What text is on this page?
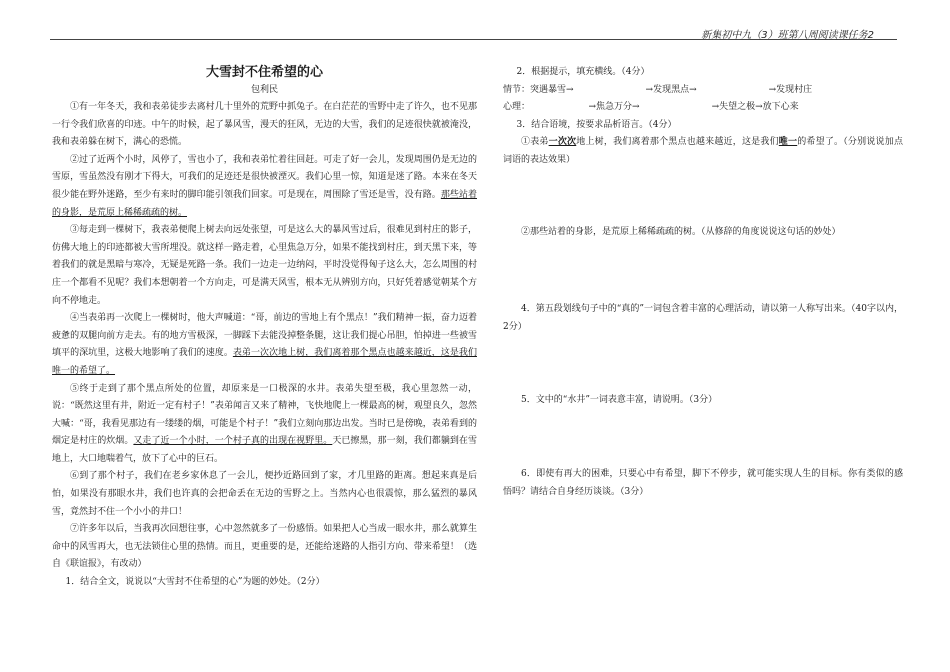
新集初中九（3）班第八周阅读课任务2
大雪封不住希望的心
包利民

①有一年冬天，我和表弟徒步去离村几十里外的荒野中抓兔子。在白茫茫的雪野中走了许久，也不见那一行令我们欣喜的印迹。中午的时候，起了暴风雪，漫天的狂风，无边的大雪，我们的足迹很快就被淹没，我和表弟躲在树下，满心的恐慌。

②过了近两个小时，风停了，雪也小了，我和表弟忙着往回赶。可走了好一会儿，发现周围仍是无边的雪原，雪虽然没有刚才下得大，可我们的足迹还是很快被湮灭。我们心里一惊，知道是迷了路。本来在冬天很少能在野外迷路，至少有来时的脚印能引领我们回家。可是现在，周围除了雪还是雪，没有路。那些站着的身影，是荒原上稀稀疏疏的树。

③每走到一棵树下，我表弟便爬上树去向远处张望，可是这么大的暴风雪过后，很难见到村庄的影子，仿佛大地上的印迹都被大雪所埋没。就这样一路走着，心里焦急万分，如果不能找到村庄，到天黑下来，等着我们的就是黑暗与寒冷，无疑是死路一条。我们一边走一边纳闷，平时没觉得匈子这么大，怎么周围的村庄一个都看不见呢？我们本想朝着一个方向走，可是满天风雪，根本无从辨别方向，只好凭着感觉朝某个方向不停地走。

④当表弟再一次爬上一棵树时，他大声喊道：“哥，前边的雪地上有个黑点！”我们精神一振，奋力迈着疲惫的双腿向前方走去。有的地方雪极深，一脚踩下去能没掉整条腿，这让我们提心吊胆，怕掉进一些被雪填平的深坑里，这极大地影响了我们的速度。表弟一次次地上树，我们离着那个黑点也越来越近，这是我们唯一的希望了。

⑤终于走到了那个黑点所处的位置，却原来是一口极深的水井。表弟失望至极，我心里忽然一动，说：“既然这里有井，附近一定有村子！”表弟闻言又来了精神，飞快地爬上一棵最高的树，观望良久，忽然大喊：“哥，我看见那边有一缕缕的烟，可能是个村子！”我们立刻向那边出发。当时已是傍晚，表弟看到的烟定是村庄的炊烟。又走了近一个小时，一个村子真的出现在视野里。天已擦黑，那一刻，我们都躺到在雪地上，大口地喘着气，放下了心中的巨石。

⑥到了那个村子，我们在老乡家休息了一会儿，便抄近路回到了家，才几里路的距离。想起来真是后怕，如果没有那眼水井，我们也许真的会把命丢在无边的雪野之上。当然内心也很震惊，那么猛烈的暴风雪，竟然封不住一个小小的井口！

⑦许多年以后，当我再次回想往事，心中忽然就多了一份感悟。如果把人心当成一眼水井，那么就算生命中的风雪再大，也无法锁住心里的热情。而且，更重要的是，还能给迷路的人指引方向、带来希望！（选自《联谊报》，有改动）

1．结合全文，说说以“大雪封不住希望的心”为题的妙处。（2分）

2．根据提示，填充横线。（4分）

情节：突遇暴雪→　　　　　　　　→发现黑点→　　　　　　　　→发现村庄

心理：　　　　　　　→焦急万分→　　　　　　　　→失望之极→放下心来

3．结合语境，按要求品析语言。（4分）

①表弟一次次地上树，我们离着那个黑点也越来越近，这是我们唯一的希望了。（分别说说加点词语的表达效果）

②那些站着的身影，是荒原上稀稀疏疏的树。（从修辞的角度说说这句话的妙处）

4．第五段划线句子中的“真的”一词包含着丰富的心理活动，请以第一人称写出来。（40字以内，2分）

5．文中的“水井”一词表意丰富，请说明。（3分）

6．即使有再大的困难，只要心中有希望，脚下不停步，就可能实现人生的目标。你有类似的感悟吗？请结合自身经历谈谈。（3分）
